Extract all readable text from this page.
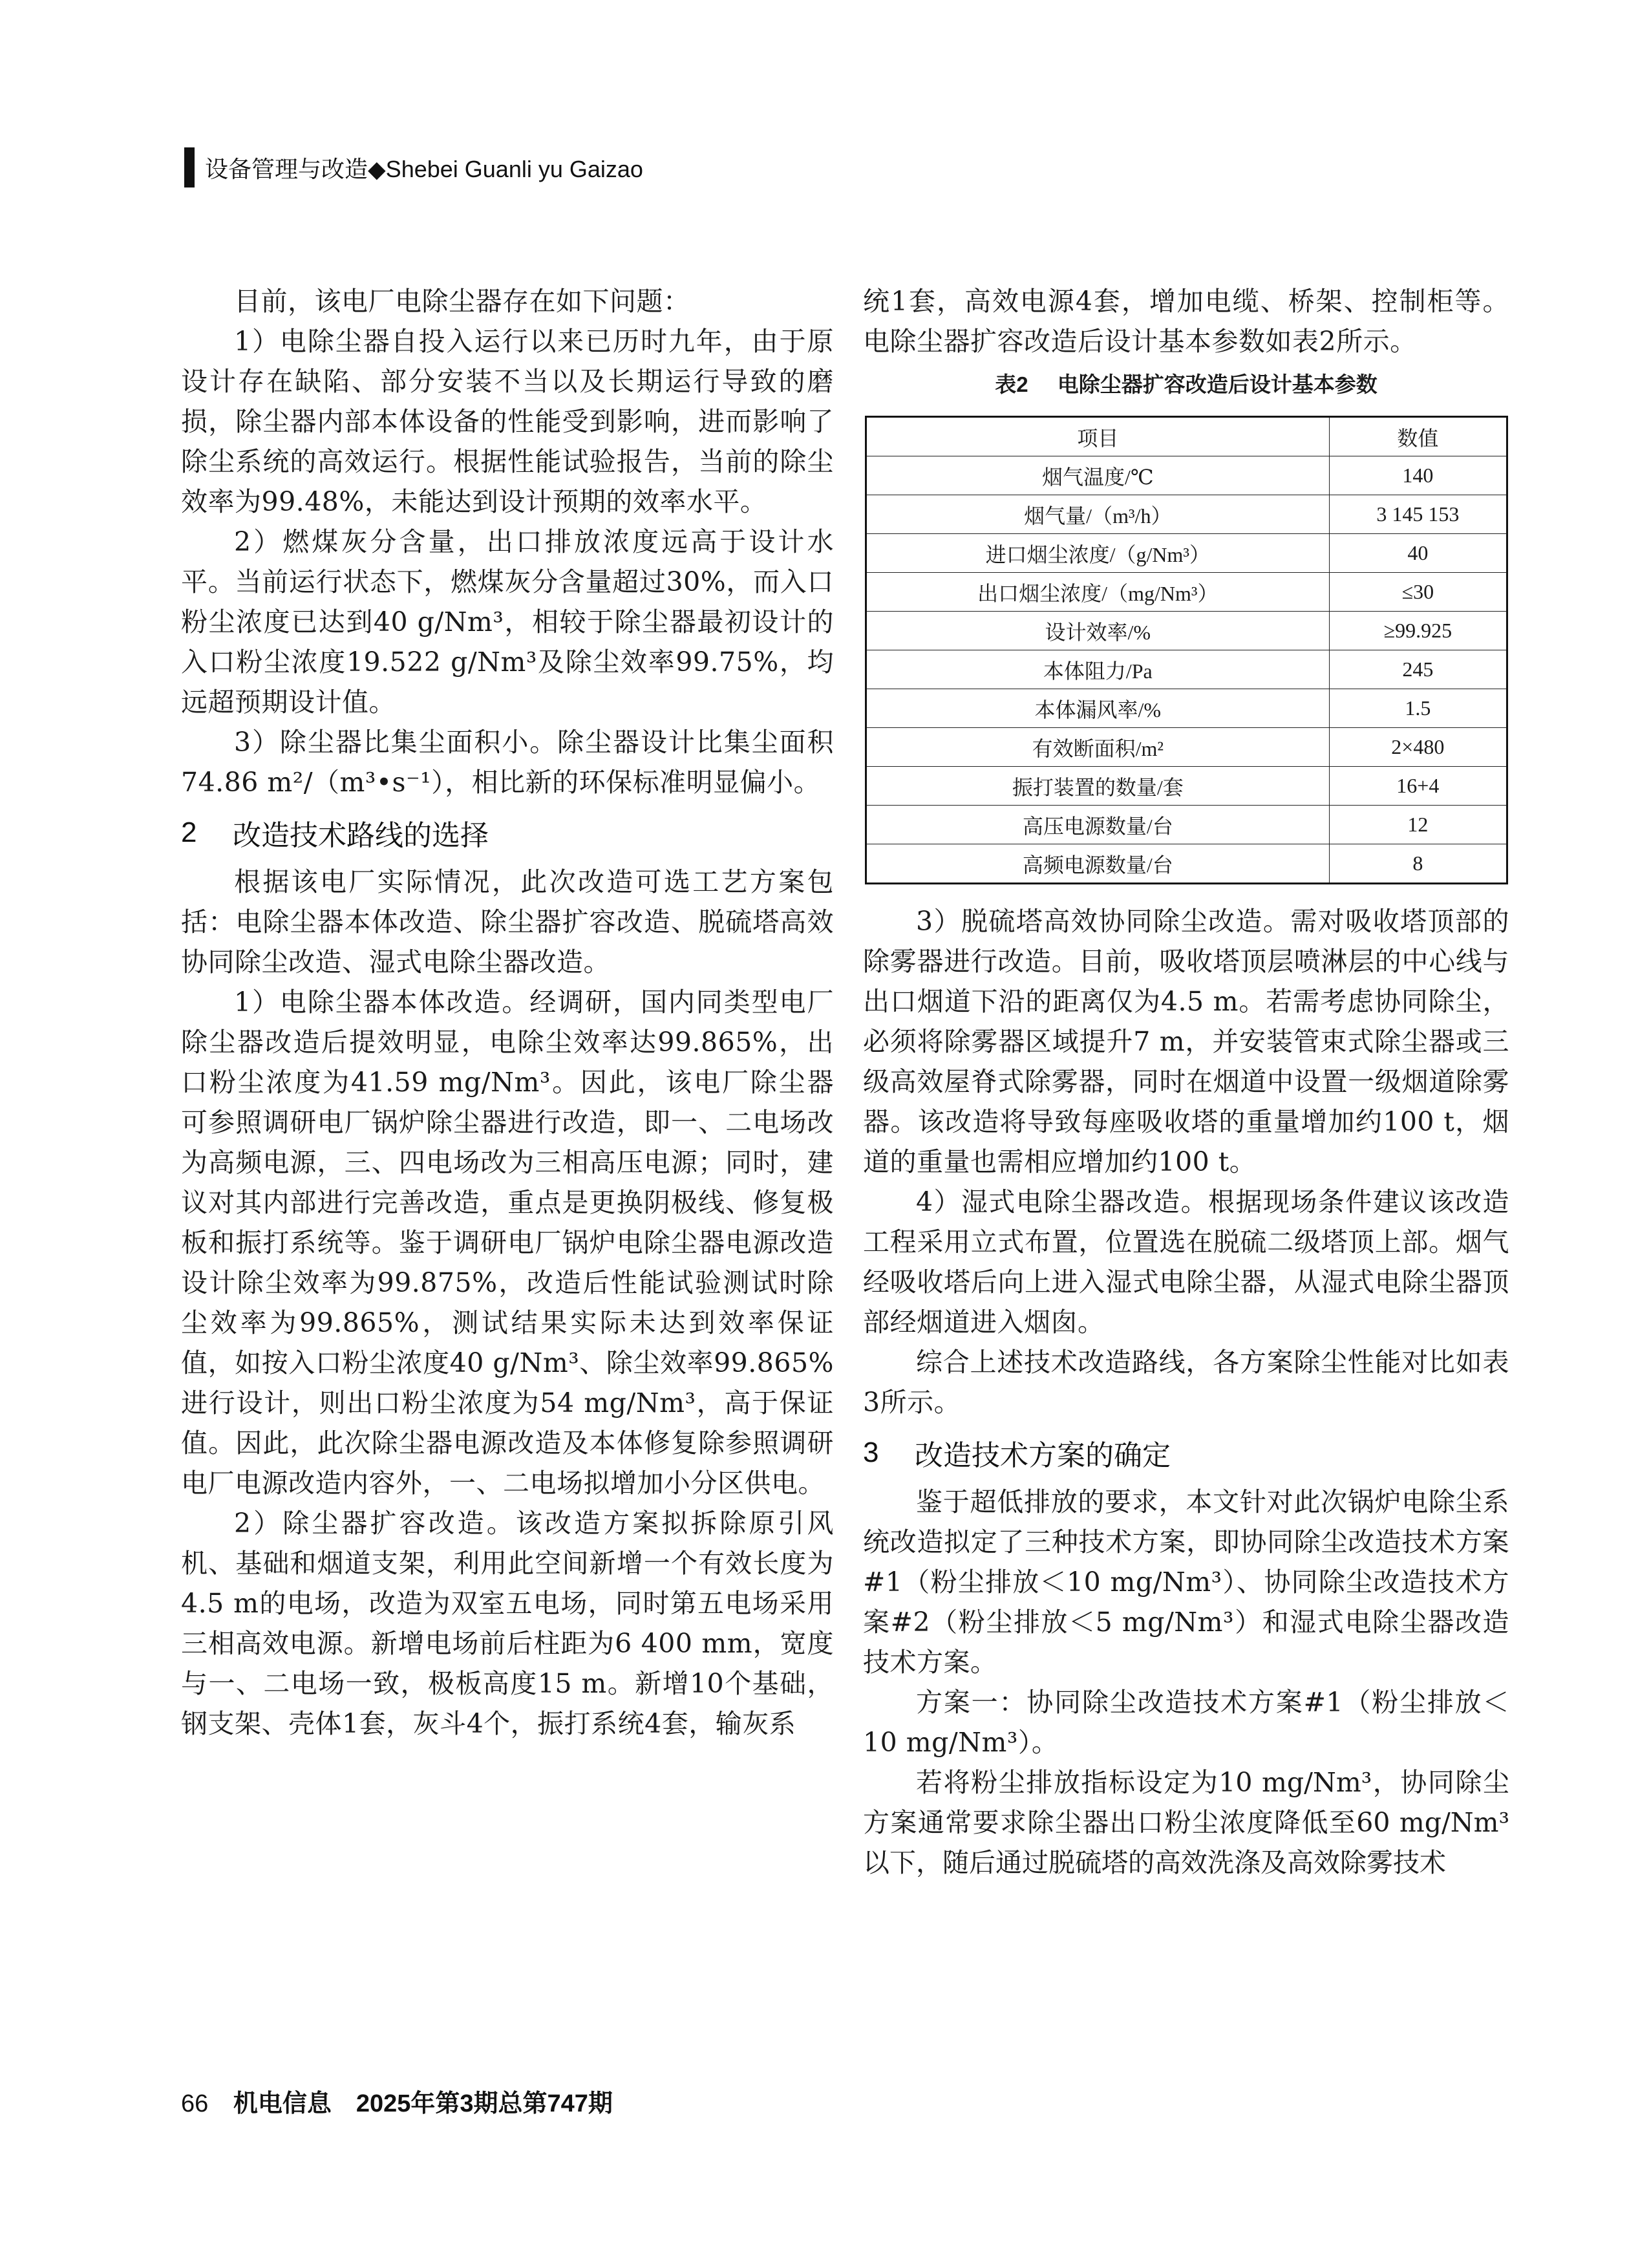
设备管理与改造◆Shebei Guanli yu Gaizao

目前，该电厂电除尘器存在如下问题：

1）电除尘器自投入运行以来已历时九年，由于原设计存在缺陷、部分安装不当以及长期运行导致的磨损，除尘器内部本体设备的性能受到影响，进而影响了除尘系统的高效运行。根据性能试验报告，当前的除尘效率为99.48%，未能达到设计预期的效率水平。

2）燃煤灰分含量，出口排放浓度远高于设计水平。当前运行状态下，燃煤灰分含量超过30%，而入口粉尘浓度已达到40 g/Nm³，相较于除尘器最初设计的入口粉尘浓度19.522 g/Nm³及除尘效率99.75%，均远超预期设计值。

3）除尘器比集尘面积小。除尘器设计比集尘面积74.86 m²/（m³•s⁻¹），相比新的环保标准明显偏小。

2	改造技术路线的选择

根据该电厂实际情况，此次改造可选工艺方案包括：电除尘器本体改造、除尘器扩容改造、脱硫塔高效协同除尘改造、湿式电除尘器改造。

1）电除尘器本体改造。经调研，国内同类型电厂除尘器改造后提效明显，电除尘效率达99.865%，出口粉尘浓度为41.59 mg/Nm³。因此，该电厂除尘器可参照调研电厂锅炉除尘器进行改造，即一、二电场改为高频电源，三、四电场改为三相高压电源；同时，建议对其内部进行完善改造，重点是更换阴极线、修复极板和振打系统等。鉴于调研电厂锅炉电除尘器电源改造设计除尘效率为99.875%，改造后性能试验测试时除尘效率为99.865%，测试结果实际未达到效率保证值，如按入口粉尘浓度40 g/Nm³、除尘效率99.865%进行设计，则出口粉尘浓度为54 mg/Nm³，高于保证值。因此，此次除尘器电源改造及本体修复除参照调研电厂电源改造内容外，一、二电场拟增加小分区供电。

2）除尘器扩容改造。该改造方案拟拆除原引风机、基础和烟道支架，利用此空间新增一个有效长度为4.5 m的电场，改造为双室五电场，同时第五电场采用三相高效电源。新增电场前后柱距为6 400 mm，宽度与一、二电场一致，极板高度15 m。新增10个基础，钢支架、壳体1套，灰斗4个，振打系统4套，输灰系

统1套，高效电源4套，增加电缆、桥架、控制柜等。电除尘器扩容改造后设计基本参数如表2所示。

表2 电除尘器扩容改造后设计基本参数
项目	数值
烟气温度/℃	140
烟气量/（m³/h）	3 145 153
进口烟尘浓度/（g/Nm³）	40
出口烟尘浓度/（mg/Nm³）	≤30
设计效率/%	≥99.925
本体阻力/Pa	245
本体漏风率/%	1.5
有效断面积/m²	2×480
振打装置的数量/套	16+4
高压电源数量/台	12
高频电源数量/台	8

3）脱硫塔高效协同除尘改造。需对吸收塔顶部的除雾器进行改造。目前，吸收塔顶层喷淋层的中心线与出口烟道下沿的距离仅为4.5 m。若需考虑协同除尘，必须将除雾器区域提升7 m，并安装管束式除尘器或三级高效屋脊式除雾器，同时在烟道中设置一级烟道除雾器。该改造将导致每座吸收塔的重量增加约100 t，烟道的重量也需相应增加约100 t。

4）湿式电除尘器改造。根据现场条件建议该改造工程采用立式布置，位置选在脱硫二级塔顶上部。烟气经吸收塔后向上进入湿式电除尘器，从湿式电除尘器顶部经烟道进入烟囱。

综合上述技术改造路线，各方案除尘性能对比如表3所示。

3	改造技术方案的确定

鉴于超低排放的要求，本文针对此次锅炉电除尘系统改造拟定了三种技术方案，即协同除尘改造技术方案#1（粉尘排放＜10 mg/Nm³）、协同除尘改造技术方案#2（粉尘排放＜5 mg/Nm³）和湿式电除尘器改造技术方案。

方案一：协同除尘改造技术方案#1（粉尘排放＜10 mg/Nm³）。

若将粉尘排放指标设定为10 mg/Nm³，协同除尘方案通常要求除尘器出口粉尘浓度降低至60 mg/Nm³以下，随后通过脱硫塔的高效洗涤及高效除雾技术

66 机电信息　2025年第3期总第747期
